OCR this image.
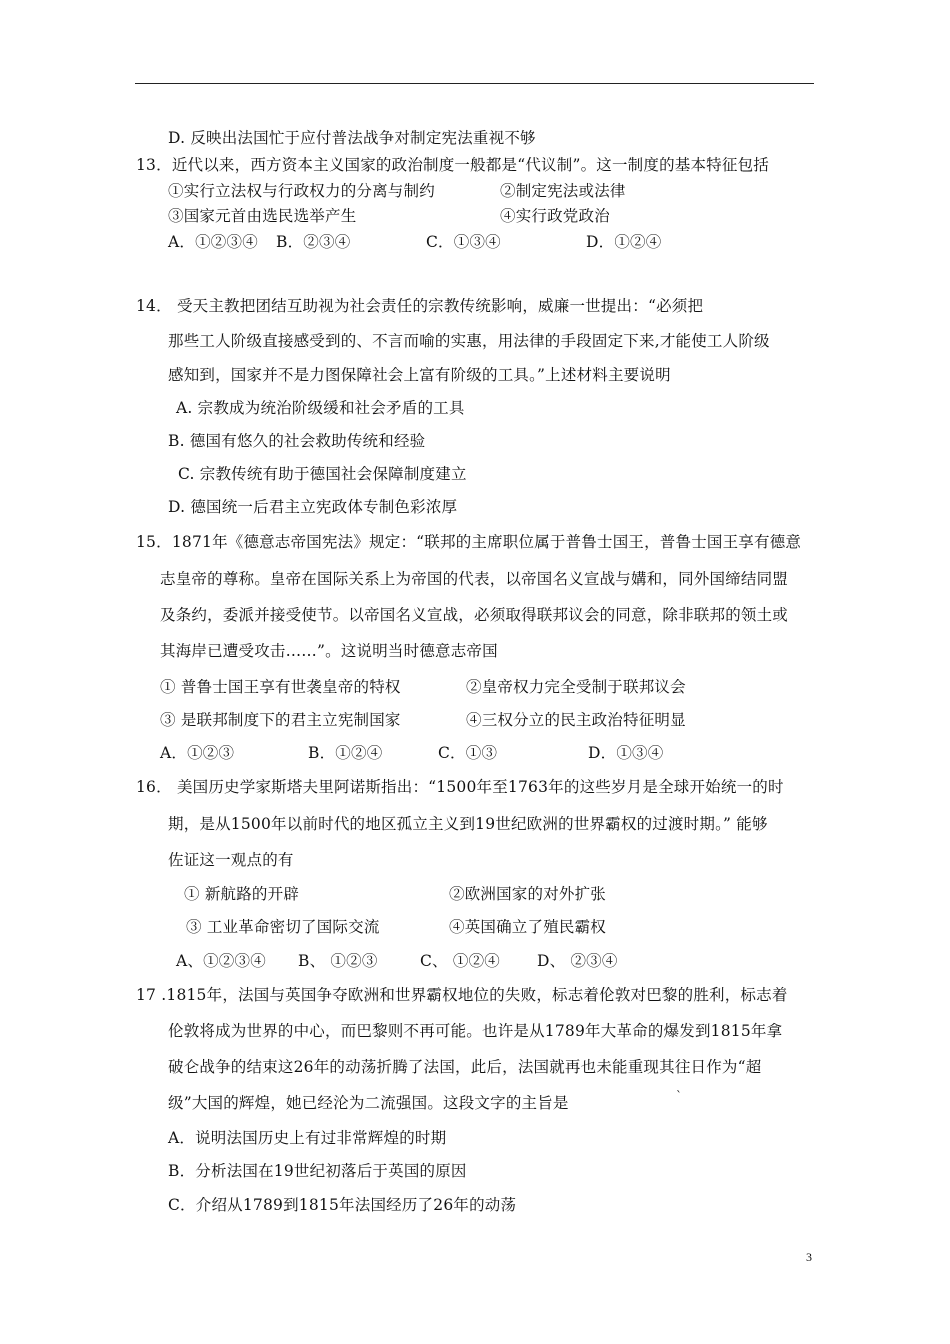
D. 反映出法国忙于应付普法战争对制定宪法重视不够
13．近代以来，西方资本主义国家的政治制度一般都是“代议制”。这一制度的基本特征包括
①实行立法权与行政权力的分离与制约	②制定宪法或法律
③国家元首由选民选举产生	④实行政党政治
A．①②③④ B．②③④	C．①③④	D．①②④
14． 受天主教把团结互助视为社会责任的宗教传统影响，威廉一世提出：“必须把
那些工人阶级直接感受到的、不言而喻的实惠，用法律的手段固定下来,才能使工人阶级
感知到，国家并不是力图保障社会上富有阶级的工具。”上述材料主要说明
A. 宗教成为统治阶级缓和社会矛盾的工具
B. 德国有悠久的社会救助传统和经验
C. 宗教传统有助于德国社会保障制度建立
D. 德国统一后君主立宪政体专制色彩浓厚
15．1871年《德意志帝国宪法》规定：“联邦的主席职位属于普鲁士国王，普鲁士国王享有德意
志皇帝的尊称。皇帝在国际关系上为帝国的代表，以帝国名义宣战与媾和，同外国缔结同盟
及条约，委派并接受使节。以帝国名义宣战，必须取得联邦议会的同意，除非联邦的领土或
其海岸已遭受攻击……”。这说明当时德意志帝国
① 普鲁士国王享有世袭皇帝的特权	②皇帝权力完全受制于联邦议会
③ 是联邦制度下的君主立宪制国家	④三权分立的民主政治特征明显
A．①②③	B．①②④	C．①③	D．①③④
16． 美国历史学家斯塔夫里阿诺斯指出：“1500年至1763年的这些岁月是全球开始统一的时
期，是从1500年以前时代的地区孤立主义到19世纪欧洲的世界霸权的过渡时期。” 能够
佐证这一观点的有
① 新航路的开辟	②欧洲国家的对外扩张
③ 工业革命密切了国际交流	④英国确立了殖民霸权
A、①②③④ B、 ①②③	C、 ①②④ D、 ②③④
17 .1815年，法国与英国争夺欧洲和世界霸权地位的失败，标志着伦敦对巴黎的胜利，标志着
伦敦将成为世界的中心，而巴黎则不再可能。也许是从1789年大革命的爆发到1815年拿
破仑战争的结束这26年的动荡折腾了法国，此后，法国就再也未能重现其往日作为“超
级”大国的辉煌，她已经沦为二流强国。这段文字的主旨是	`
A．说明法国历史上有过非常辉煌的时期
B．分析法国在19世纪初落后于英国的原因
C．介绍从1789到1815年法国经历了26年的动荡
3
